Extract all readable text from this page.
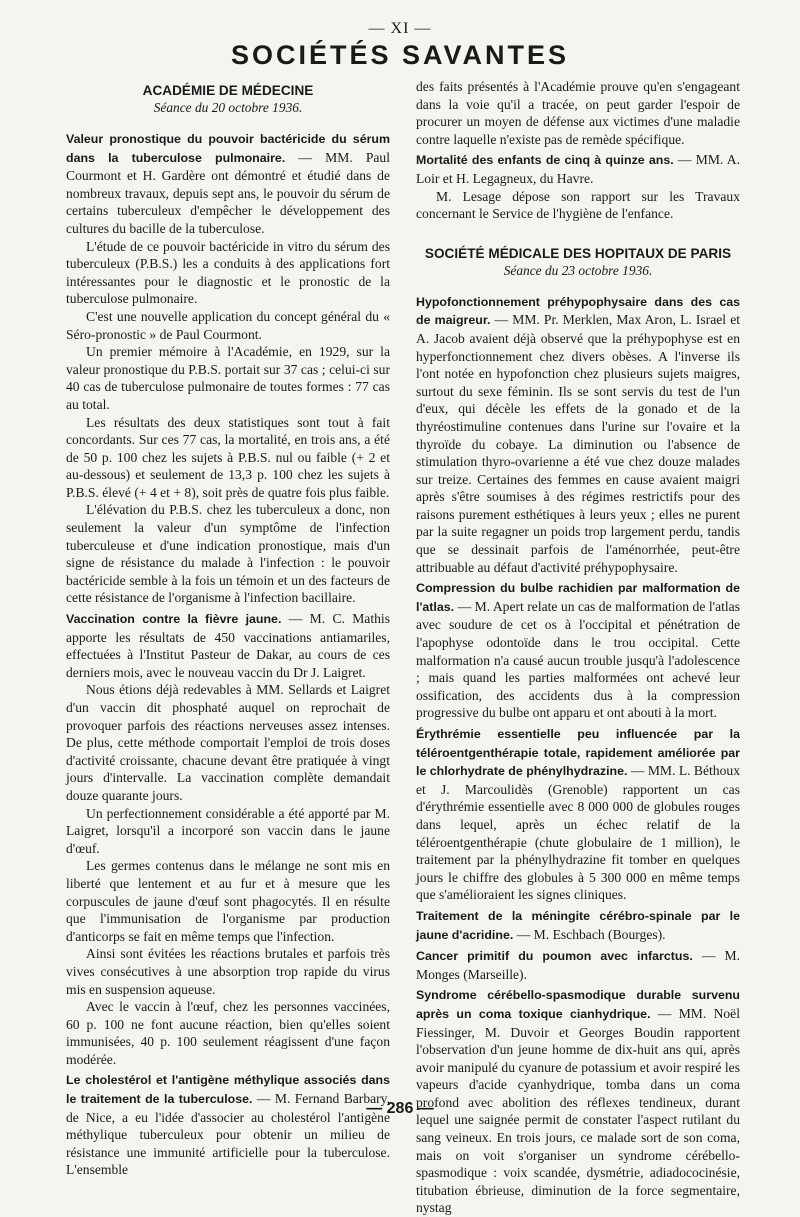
— XI —
SOCIÉTÉS SAVANTES
ACADÉMIE DE MÉDECINE
Séance du 20 octobre 1936.

Valeur pronostique du pouvoir bactéricide du sérum dans la tuberculose pulmonaire. — MM. Paul Courmont et H. Gardère ont démontré et étudié dans de nombreux travaux, depuis sept ans, le pouvoir du sérum de certains tuberculeux d'empêcher le développement des cultures du bacille de la tuberculose.

L'étude de ce pouvoir bactéricide in vitro du sérum des tuberculeux (P.B.S.) les a conduits à des applications fort intéressantes pour le diagnostic et le pronostic de la tuberculose pulmonaire.

C'est une nouvelle application du concept général du « Séro-pronostic » de Paul Courmont.

Un premier mémoire à l'Académie, en 1929, sur la valeur pronostique du P.B.S. portait sur 37 cas ; celui-ci sur 40 cas de tuberculose pulmonaire de toutes formes : 77 cas au total.

Les résultats des deux statistiques sont tout à fait concordants. Sur ces 77 cas, la mortalité, en trois ans, a été de 50 p. 100 chez les sujets à P.B.S. nul ou faible (+ 2 et au-dessous) et seulement de 13,3 p. 100 chez les sujets à P.B.S. élevé (+ 4 et + 8), soit près de quatre fois plus faible.

L'élévation du P.B.S. chez les tuberculeux a donc, non seulement la valeur d'un symptôme de l'infection tuberculeuse et d'une indication pronostique, mais d'un signe de résistance du malade à l'infection : le pouvoir bactéricide semble à la fois un témoin et un des facteurs de cette résistance de l'organisme à l'infection bacillaire.

Vaccination contre la fièvre jaune. — M. C. Mathis apporte les résultats de 450 vaccinations antiamariles, effectuées à l'Institut Pasteur de Dakar, au cours de ces derniers mois, avec le nouveau vaccin du Dr J. Laigret.

Nous étions déjà redevables à MM. Sellards et Laigret d'un vaccin dit phosphaté auquel on reprochait de provoquer parfois des réactions nerveuses assez intenses. De plus, cette méthode comportait l'emploi de trois doses d'activité croissante, chacune devant être pratiquée à vingt jours d'intervalle. La vaccination complète demandait douze quarante jours.

Un perfectionnement considérable a été apporté par M. Laigret, lorsqu'il a incorporé son vaccin dans le jaune d'œuf.

Les germes contenus dans le mélange ne sont mis en liberté que lentement et au fur et à mesure que les corpuscules de jaune d'œuf sont phagocytés. Il en résulte que l'immunisation de l'organisme par production d'anticorps se fait en même temps que l'infection.

Ainsi sont évitées les réactions brutales et parfois très vives consécutives à une absorption trop rapide du virus mis en suspension aqueuse.

Avec le vaccin à l'œuf, chez les personnes vaccinées, 60 p. 100 ne font aucune réaction, bien qu'elles soient immunisées, 40 p. 100 seulement réagissent d'une façon modérée.

Le cholestérol et l'antigène méthylique associés dans le traitement de la tuberculose. — M. Fernand Barbary, de Nice, a eu l'idée d'associer au cholestérol l'antigène méthylique tuberculeux pour obtenir un milieu de résistance une immunité artificielle pour la tuberculose. L'ensemble

des faits présentés à l'Académie prouve qu'en s'engageant dans la voie qu'il a tracée, on peut garder l'espoir de procurer un moyen de défense aux victimes d'une maladie contre laquelle n'existe pas de remède spécifique.

Mortalité des enfants de cinq à quinze ans. — MM. A. Loir et H. Legagneux, du Havre.

M. Lesage dépose son rapport sur les Travaux concernant le Service de l'hygiène de l'enfance.

SOCIÉTÉ MÉDICALE DES HOPITAUX DE PARIS
Séance du 23 octobre 1936.

Hypofonctionnement préhypophysaire dans des cas de maigreur. — MM. Pr. Merklen, Max Aron, L. Israel et A. Jacob avaient déjà observé que la préhypophyse est en hyperfonctionnement chez divers obèses. A l'inverse ils l'ont notée en hypofonction chez plusieurs sujets maigres, surtout du sexe féminin. Ils se sont servis du test de l'un d'eux, qui décèle les effets de la gonado et de la thyréostimuline contenues dans l'urine sur l'ovaire et la thyroïde du cobaye. La diminution ou l'absence de stimulation thyro-ovarienne a été vue chez douze malades sur treize. Certaines des femmes en cause avaient maigri après s'être soumises à des régimes restrictifs pour des raisons purement esthétiques à leurs yeux ; elles ne purent par la suite regagner un poids trop largement perdu, tandis que se dessinait parfois de l'aménorrhée, peut-être attribuable au défaut d'activité préhypophysaire.

Compression du bulbe rachidien par malformation de l'atlas. — M. Apert relate un cas de malformation de l'atlas avec soudure de cet os à l'occipital et pénétration de l'apophyse odontoïde dans le trou occipital. Cette malformation n'a causé aucun trouble jusqu'à l'adolescence ; mais quand les parties malformées ont achevé leur ossification, des accidents dus à la compression progressive du bulbe ont apparu et ont abouti à la mort.

Érythrémie essentielle peu influencée par la téléroentgenthérapie totale, rapidement améliorée par le chlorhydrate de phénylhydrazine. — MM. L. Béthoux et J. Marcoulidès (Grenoble) rapportent un cas d'érythrémie essentielle avec 8 000 000 de globules rouges dans lequel, après un échec relatif de la téléroentgenthérapie (chute globulaire de 1 million), le traitement par la phénylhydrazine fit tomber en quelques jours le chiffre des globules à 5 300 000 en même temps que s'amélioraient les signes cliniques.

Traitement de la méningite cérébro-spinale par le jaune d'acridine. — M. Eschbach (Bourges).

Cancer primitif du poumon avec infarctus. — M. Monges (Marseille).

Syndrome cérébello-spasmodique durable survenu après un coma toxique cianhydrique. — MM. Noël Fiessinger, M. Duvoir et Georges Boudin rapportent l'observation d'un jeune homme de dix-huit ans qui, après avoir manipulé du cyanure de potassium et avoir respiré les vapeurs d'acide cyanhydrique, tomba dans un coma profond avec abolition des réflexes tendineux, durant lequel une saignée permit de constater l'aspect rutilant du sang veineux. En trois jours, ce malade sort de son coma, mais on voit s'organiser un syndrome cérébello-spasmodique : voix scandée, dysmétrie, adiadococinésie, titubation ébrieuse, diminution de la force segmentaire, nystag

— 286 —
